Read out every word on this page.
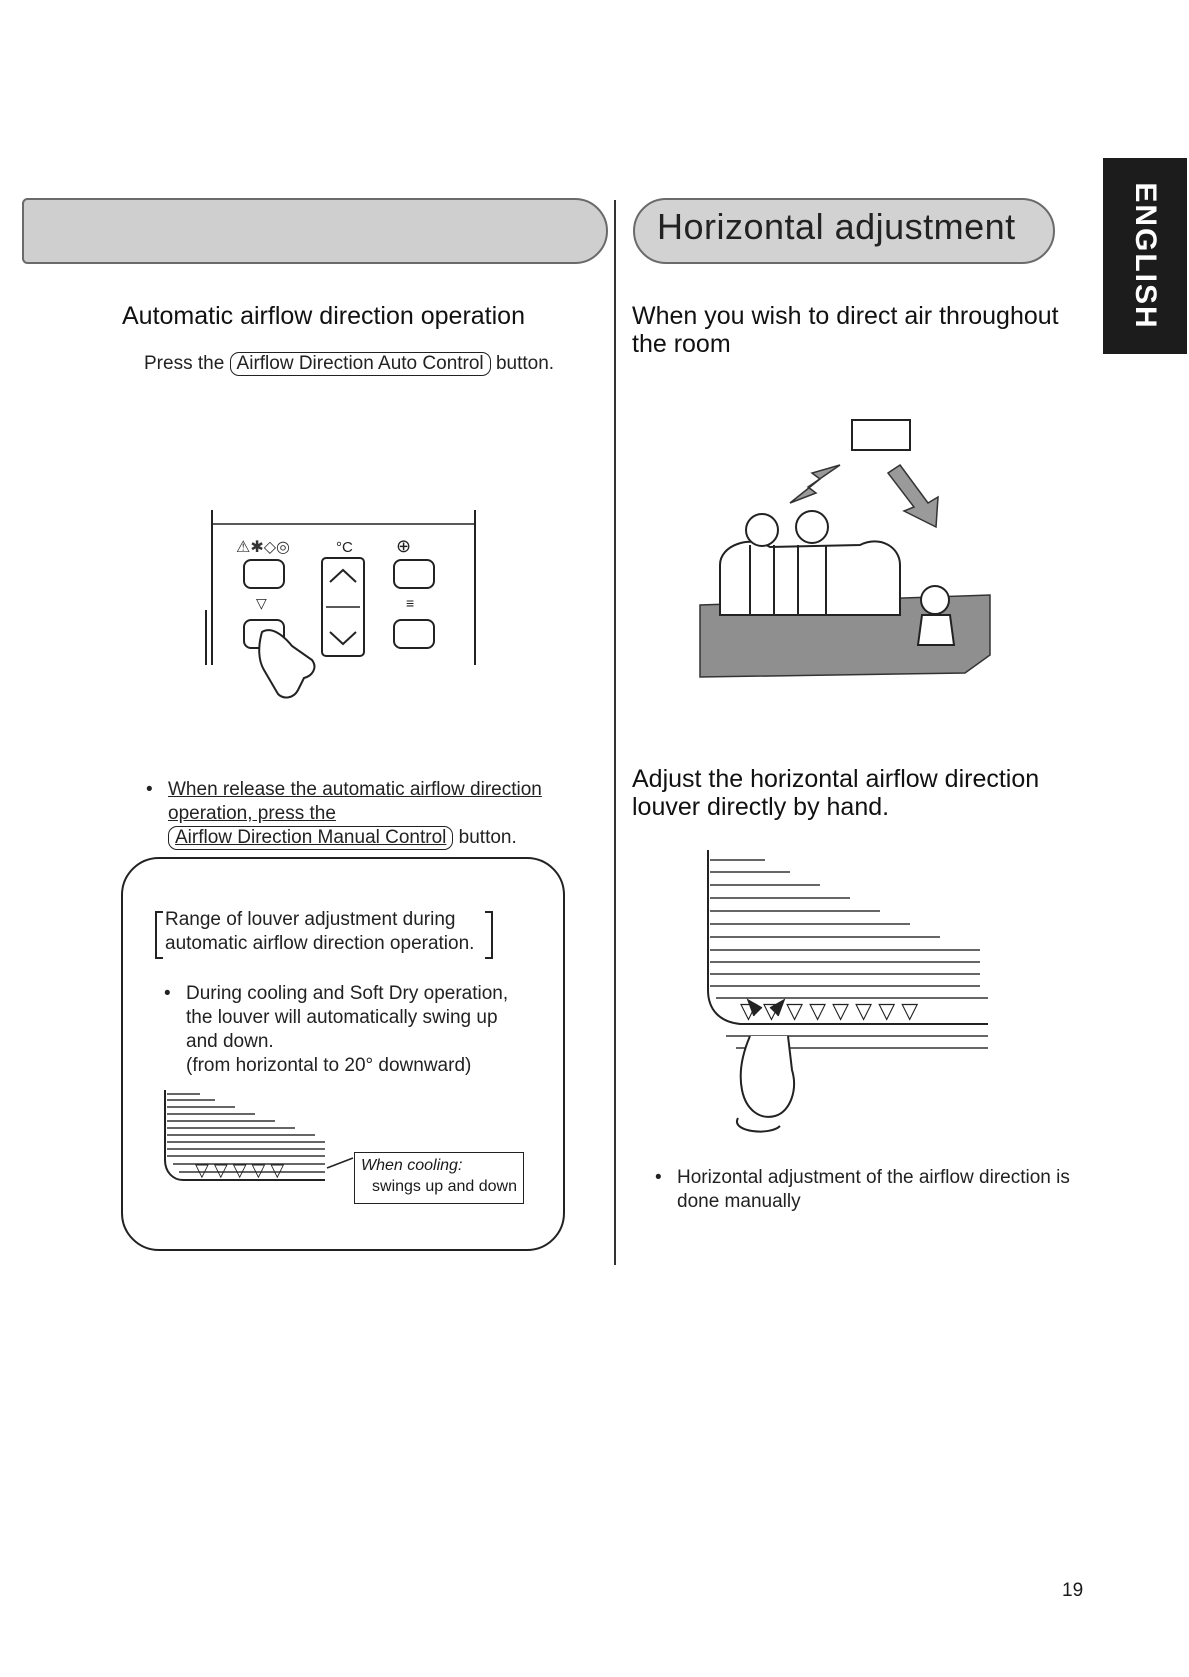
Horizontal adjustment	ENGLISH
Automatic airflow direction operation
Press the Airflow Direction Auto Control button.
⚠✱◇◎	°C ⊕
▽	≡
• When release the automatic airflow direction
operation, press the Airflow Direction Manual Control button.
Range of louver adjustment during
automatic airflow direction operation.
• During cooling and Soft Dry operation,
the louver will automatically swing up
and down.
(from horizontal to 20° downward)
▽ ▽ ▽ ▽ ▽	When cooling:
swings up and down
When you wish to direct air throughout the room
Adjust the horizontal airflow direction louver directly by hand.
▽ ▽ ▽ ▽ ▽ ▽ ▽ ▽
• Horizontal adjustment of the airflow direction is done manually
19
